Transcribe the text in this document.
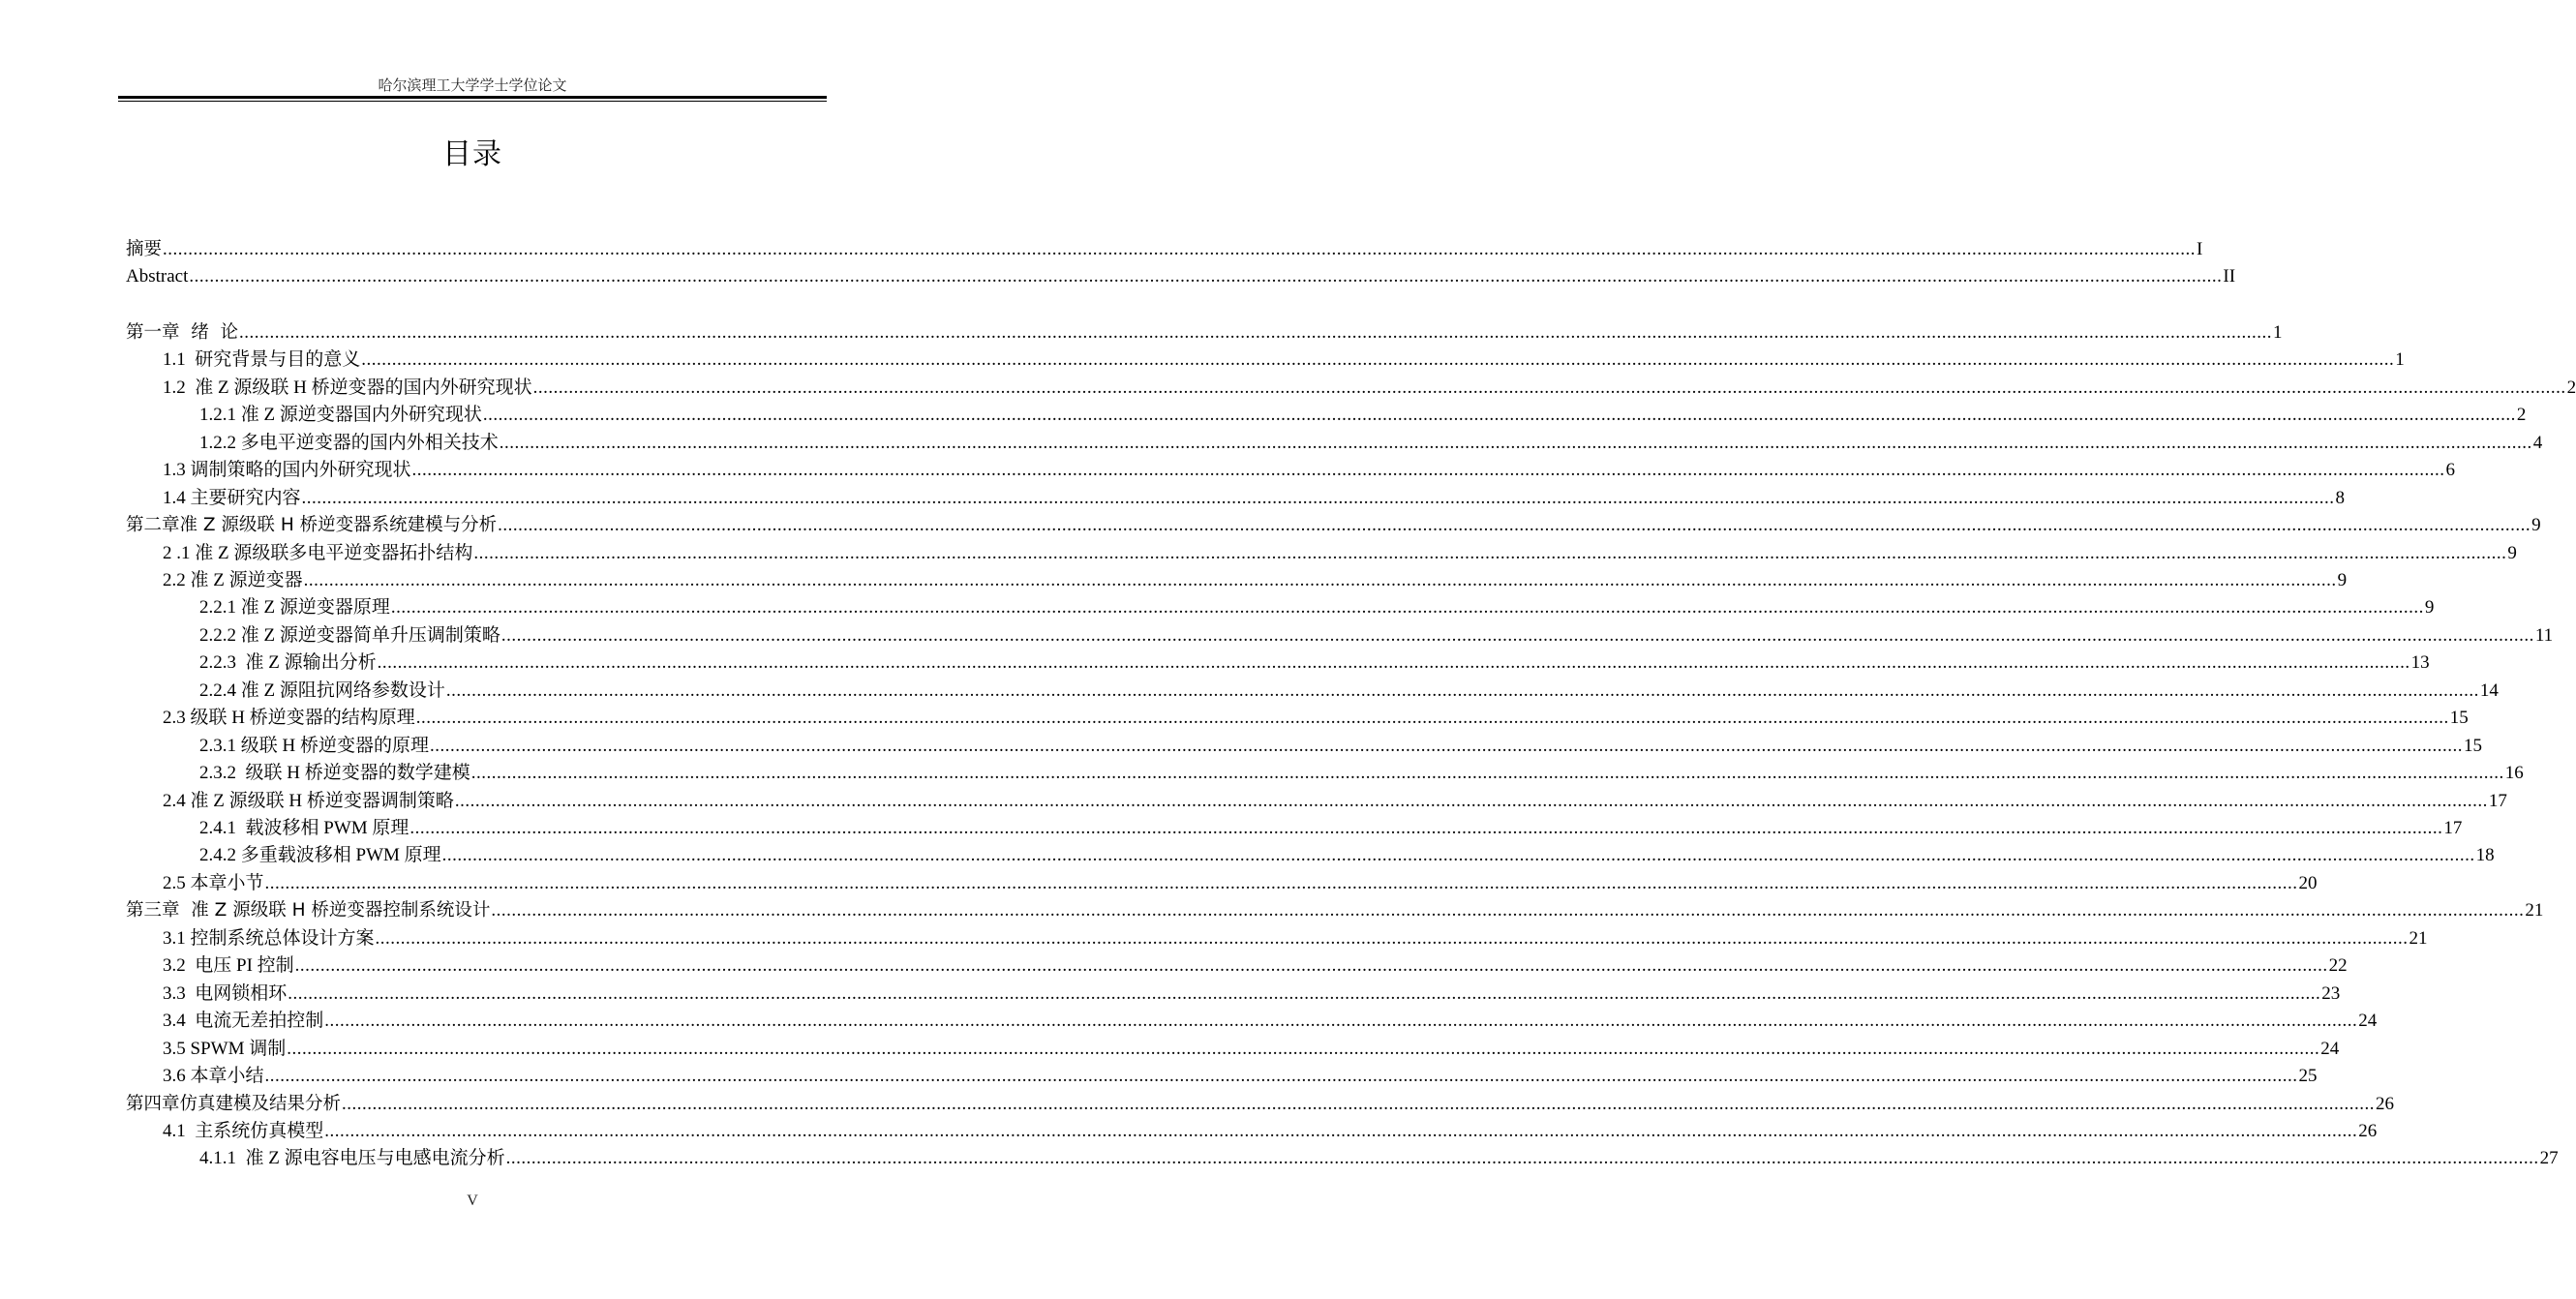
哈尔滨理工大学学士学位论文
目录
摘要 ................................................................................................................................................................................................................................................................................................................................................................................................................ I
Abstract ................................................................................................................................................................................................................................................................................................................................................................................................................ II
第一章  绪  论 ................................................................................................................................................................................................................................................................................................................................................................................................................ 1
1.1  研究背景与目的意义 ................................................................................................................................................................................................................................................................................................................................................................................................................ 1
1.2  准 Z 源级联 H 桥逆变器的国内外研究现状 ................................................................................................................................................................................................................................................................................................................................................................................................................ 2
1.2.1 准 Z 源逆变器国内外研究现状 ................................................................................................................................................................................................................................................................................................................................................................................................................ 2
1.2.2 多电平逆变器的国内外相关技术 ................................................................................................................................................................................................................................................................................................................................................................................................................ 4
1.3 调制策略的国内外研究现状 ................................................................................................................................................................................................................................................................................................................................................................................................................ 6
1.4 主要研究内容 ................................................................................................................................................................................................................................................................................................................................................................................................................ 8
第二章准 Z 源级联 H 桥逆变器系统建模与分析 ................................................................................................................................................................................................................................................................................................................................................................................................................ 9
2 .1 准 Z 源级联多电平逆变器拓扑结构 ................................................................................................................................................................................................................................................................................................................................................................................................................ 9
2.2 准 Z 源逆变器 ................................................................................................................................................................................................................................................................................................................................................................................................................ 9
2.2.1 准 Z 源逆变器原理 ................................................................................................................................................................................................................................................................................................................................................................................................................ 9
2.2.2 准 Z 源逆变器简单升压调制策略 ................................................................................................................................................................................................................................................................................................................................................................................................................ 11
2.2.3  准 Z 源输出分析 ................................................................................................................................................................................................................................................................................................................................................................................................................ 13
2.2.4 准 Z 源阻抗网络参数设计 ................................................................................................................................................................................................................................................................................................................................................................................................................ 14
2.3 级联 H 桥逆变器的结构原理 ................................................................................................................................................................................................................................................................................................................................................................................................................ 15
2.3.1 级联 H 桥逆变器的原理 ................................................................................................................................................................................................................................................................................................................................................................................................................ 15
2.3.2  级联 H 桥逆变器的数学建模 ................................................................................................................................................................................................................................................................................................................................................................................................................ 16
2.4 准 Z 源级联 H 桥逆变器调制策略 ................................................................................................................................................................................................................................................................................................................................................................................................................ 17
2.4.1  载波移相 PWM 原理 ................................................................................................................................................................................................................................................................................................................................................................................................................ 17
2.4.2 多重载波移相 PWM 原理 ................................................................................................................................................................................................................................................................................................................................................................................................................ 18
2.5 本章小节 ................................................................................................................................................................................................................................................................................................................................................................................................................ 20
第三章  准 Z 源级联 H 桥逆变器控制系统设计 ................................................................................................................................................................................................................................................................................................................................................................................................................ 21
3.1 控制系统总体设计方案 ................................................................................................................................................................................................................................................................................................................................................................................................................ 21
3.2  电压 PI 控制 ................................................................................................................................................................................................................................................................................................................................................................................................................ 22
3.3  电网锁相环 ................................................................................................................................................................................................................................................................................................................................................................................................................ 23
3.4  电流无差拍控制 ................................................................................................................................................................................................................................................................................................................................................................................................................ 24
3.5 SPWM 调制 ................................................................................................................................................................................................................................................................................................................................................................................................................ 24
3.6 本章小结 ................................................................................................................................................................................................................................................................................................................................................................................................................ 25
第四章仿真建模及结果分析 ................................................................................................................................................................................................................................................................................................................................................................................................................ 26
4.1  主系统仿真模型 ................................................................................................................................................................................................................................................................................................................................................................................................................ 26
4.1.1  准 Z 源电容电压与电感电流分析 ................................................................................................................................................................................................................................................................................................................................................................................................................ 27
V
